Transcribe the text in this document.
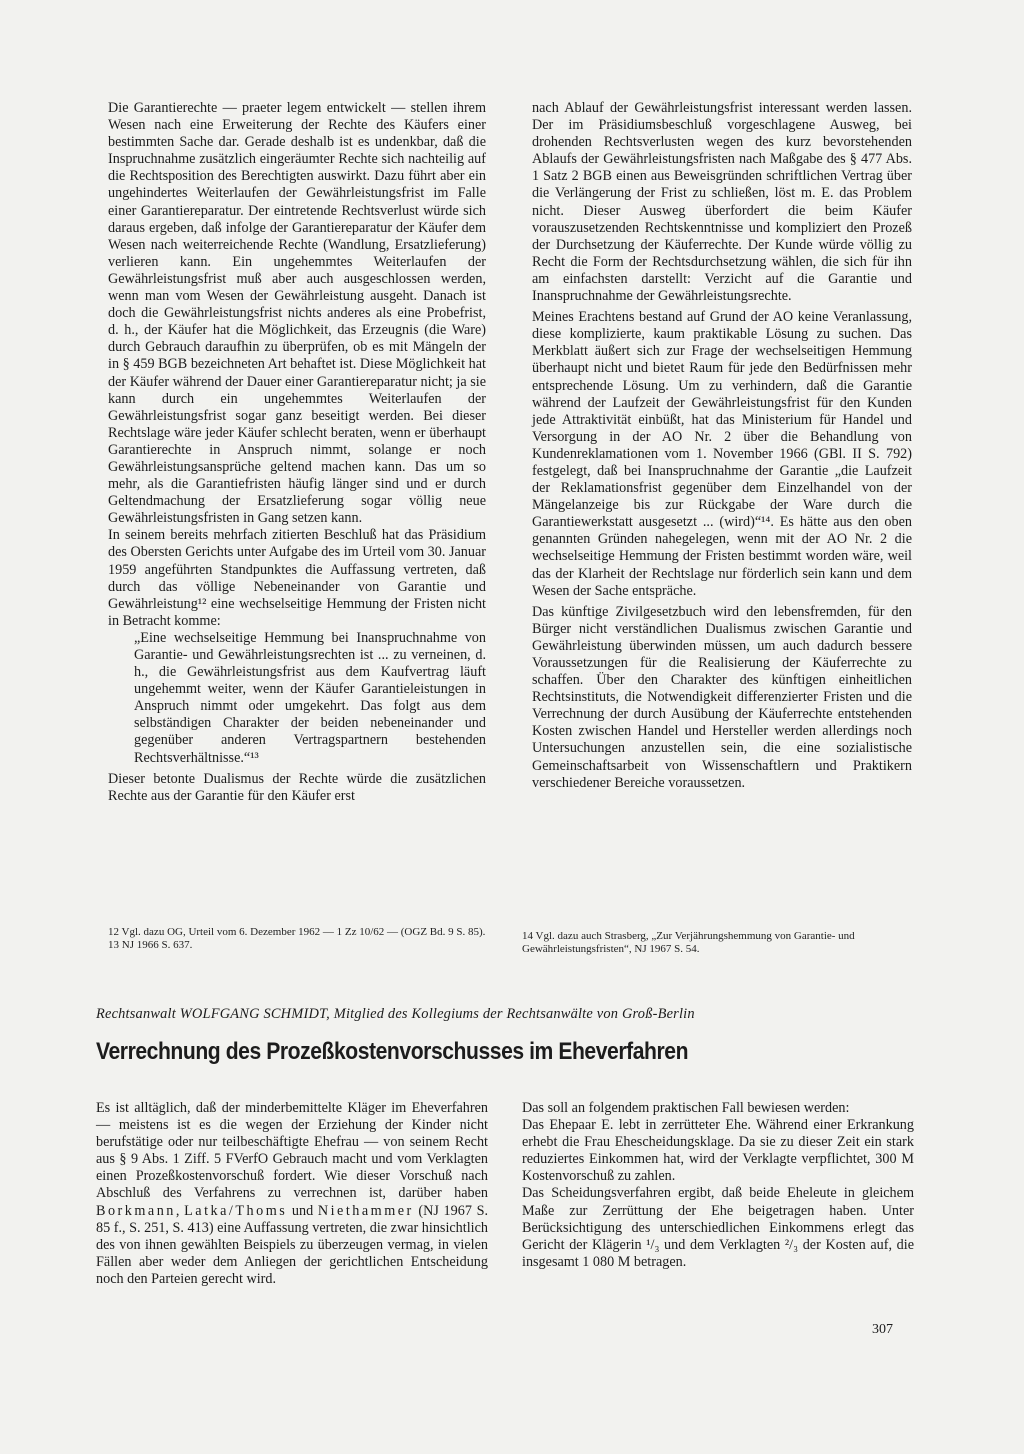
Die Garantierechte — praeter legem entwickelt — stellen ihrem Wesen nach eine Erweiterung der Rechte des Käufers einer bestimmten Sache dar. Gerade deshalb ist es undenkbar, daß die Inspruchnahme zusätzlich eingeräumter Rechte sich nachteilig auf die Rechtsposition des Berechtigten auswirkt. Dazu führt aber ein ungehindertes Weiterlaufen der Gewährleistungsfrist im Falle einer Garantiereparatur. Der eintretende Rechtsverlust würde sich daraus ergeben, daß infolge der Garantiereparatur der Käufer dem Wesen nach weiterreichende Rechte (Wandlung, Ersatzlieferung) verlieren kann. Ein ungehemmtes Weiterlaufen der Gewährleistungsfrist muß aber auch ausgeschlossen werden, wenn man vom Wesen der Gewährleistung ausgeht. Danach ist doch die Gewährleistungsfrist nichts anderes als eine Probefrist, d. h., der Käufer hat die Möglichkeit, das Erzeugnis (die Ware) durch Gebrauch daraufhin zu überprüfen, ob es mit Mängeln der in § 459 BGB bezeichneten Art behaftet ist. Diese Möglichkeit hat der Käufer während der Dauer einer Garantiereparatur nicht; ja sie kann durch ein ungehemmtes Weiterlaufen der Gewährleistungsfrist sogar ganz beseitigt werden. Bei dieser Rechtslage wäre jeder Käufer schlecht beraten, wenn er überhaupt Garantierechte in Anspruch nimmt, solange er noch Gewährleistungsansprüche geltend machen kann. Das um so mehr, als die Garantiefristen häufig länger sind und er durch Geltendmachung der Ersatzlieferung sogar völlig neue Gewährleistungsfristen in Gang setzen kann.

In seinem bereits mehrfach zitierten Beschluß hat das Präsidium des Obersten Gerichts unter Aufgabe des im Urteil vom 30. Januar 1959 angeführten Standpunktes die Auffassung vertreten, daß durch das völlige Nebeneinander von Garantie und Gewährleistung¹² eine wechselseitige Hemmung der Fristen nicht in Betracht komme:

„Eine wechselseitige Hemmung bei Inanspruchnahme von Garantie- und Gewährleistungsrechten ist ... zu verneinen, d. h., die Gewährleistungsfrist aus dem Kaufvertrag läuft ungehemmt weiter, wenn der Käufer Garantieleistungen in Anspruch nimmt oder umgekehrt. Das folgt aus dem selbständigen Charakter der beiden nebeneinander und gegenüber anderen Vertragspartnern bestehenden Rechtsverhältnisse.“¹³

Dieser betonte Dualismus der Rechte würde die zusätzlichen Rechte aus der Garantie für den Käufer erst

nach Ablauf der Gewährleistungsfrist interessant werden lassen. Der im Präsidiumsbeschluß vorgeschlagene Ausweg, bei drohenden Rechtsverlusten wegen des kurz bevorstehenden Ablaufs der Gewährleistungsfristen nach Maßgabe des § 477 Abs. 1 Satz 2 BGB einen aus Beweisgründen schriftlichen Vertrag über die Verlängerung der Frist zu schließen, löst m. E. das Problem nicht. Dieser Ausweg überfordert die beim Käufer vorauszusetzenden Rechtskenntnisse und kompliziert den Prozeß der Durchsetzung der Käuferrechte. Der Kunde würde völlig zu Recht die Form der Rechtsdurchsetzung wählen, die sich für ihn am einfachsten darstellt: Verzicht auf die Garantie und Inanspruchnahme der Gewährleistungsrechte.

Meines Erachtens bestand auf Grund der AO keine Veranlassung, diese komplizierte, kaum praktikable Lösung zu suchen. Das Merkblatt äußert sich zur Frage der wechselseitigen Hemmung überhaupt nicht und bietet Raum für jede den Bedürfnissen mehr entsprechende Lösung. Um zu verhindern, daß die Garantie während der Laufzeit der Gewährleistungsfrist für den Kunden jede Attraktivität einbüßt, hat das Ministerium für Handel und Versorgung in der AO Nr. 2 über die Behandlung von Kundenreklamationen vom 1. November 1966 (GBl. II S. 792) festgelegt, daß bei Inanspruchnahme der Garantie „die Laufzeit der Reklamationsfrist gegenüber dem Einzelhandel von der Mängelanzeige bis zur Rückgabe der Ware durch die Garantiewerkstatt ausgesetzt ... (wird)“¹⁴. Es hätte aus den oben genannten Gründen nahegelegen, wenn mit der AO Nr. 2 die wechselseitige Hemmung der Fristen bestimmt worden wäre, weil das der Klarheit der Rechtslage nur förderlich sein kann und dem Wesen der Sache entspräche.

Das künftige Zivilgesetzbuch wird den lebensfremden, für den Bürger nicht verständlichen Dualismus zwischen Garantie und Gewährleistung überwinden müssen, um auch dadurch bessere Voraussetzungen für die Realisierung der Käuferrechte zu schaffen. Über den Charakter des künftigen einheitlichen Rechtsinstituts, die Notwendigkeit differenzierter Fristen und die Verrechnung der durch Ausübung der Käuferrechte entstehenden Kosten zwischen Handel und Hersteller werden allerdings noch Untersuchungen anzustellen sein, die eine sozialistische Gemeinschaftsarbeit von Wissenschaftlern und Praktikern verschiedener Bereiche voraussetzen.

12 Vgl. dazu OG, Urteil vom 6. Dezember 1962 — 1 Zz 10/62 — (OGZ Bd. 9 S. 85).

13 NJ 1966 S. 637.

14 Vgl. dazu auch Strasberg, „Zur Verjährungshemmung von Garantie- und Gewährleistungsfristen“, NJ 1967 S. 54.

Rechtsanwalt WOLFGANG SCHMIDT, Mitglied des Kollegiums der Rechtsanwälte von Groß-Berlin
Verrechnung des Prozeßkostenvorschusses im Eheverfahren

Es ist alltäglich, daß der minderbemittelte Kläger im Eheverfahren — meistens ist es die wegen der Erziehung der Kinder nicht berufstätige oder nur teilbeschäftigte Ehefrau — von seinem Recht aus § 9 Abs. 1 Ziff. 5 FVerfO Gebrauch macht und vom Verklagten einen Prozeßkostenvorschuß fordert. Wie dieser Vorschuß nach Abschluß des Verfahrens zu verrechnen ist, darüber haben Borkmann, Latka/Thoms und Niethammer (NJ 1967 S. 85 f., S. 251, S. 413) eine Auffassung vertreten, die zwar hinsichtlich des von ihnen gewählten Beispiels zu überzeugen vermag, in vielen Fällen aber weder dem Anliegen der gerichtlichen Entscheidung noch den Parteien gerecht wird.

Das soll an folgendem praktischen Fall bewiesen werden:

Das Ehepaar E. lebt in zerrütteter Ehe. Während einer Erkrankung erhebt die Frau Ehescheidungsklage. Da sie zu dieser Zeit ein stark reduziertes Einkommen hat, wird der Verklagte verpflichtet, 300 M Kostenvorschuß zu zahlen.

Das Scheidungsverfahren ergibt, daß beide Eheleute in gleichem Maße zur Zerrüttung der Ehe beigetragen haben. Unter Berücksichtigung des unterschiedlichen Einkommens erlegt das Gericht der Klägerin ¹/₃ und dem Verklagten ²/₃ der Kosten auf, die insgesamt 1 080 M betragen.

307
